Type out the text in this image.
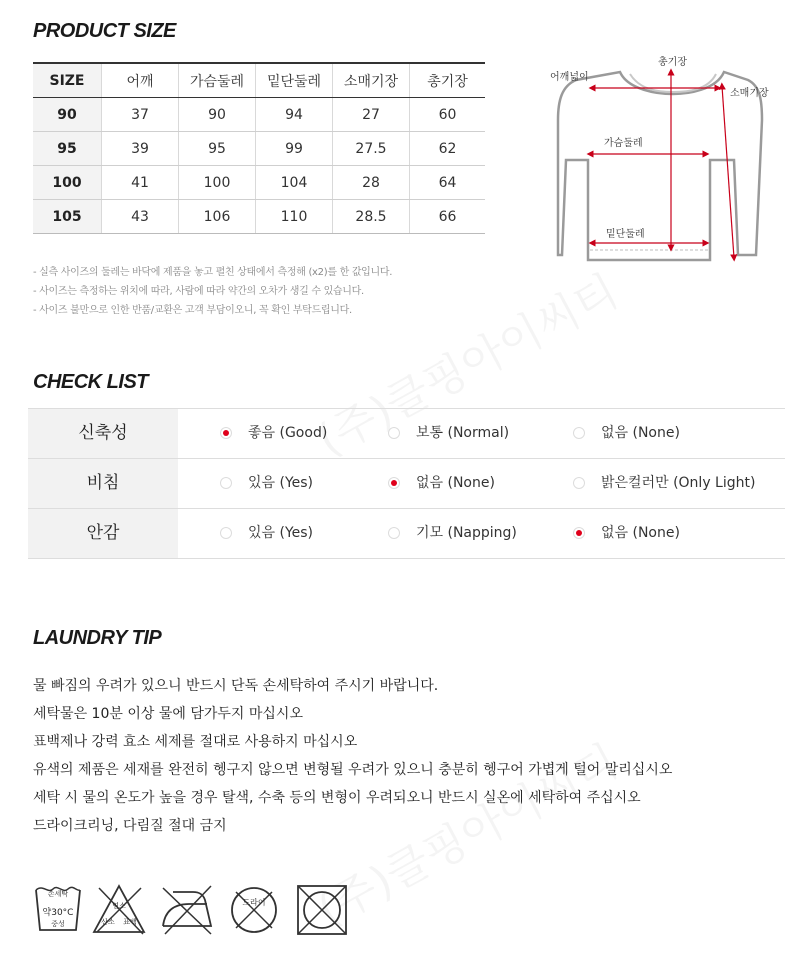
PRODUCT SIZE
SIZE	어깨	가슴둘레	밑단둘레	소매기장	총기장
90	37	90	94	27	60
95	39	95	99	27.5	62
100	41	100	104	28	64
105	43	106	110	28.5	66
- 실측 사이즈의 둘레는 바닥에 제품을 놓고 펼친 상태에서 측정해 (x2)를 한 값입니다.
- 사이즈는 측정하는 위치에 따라, 사람에 따라 약간의 오차가 생길 수 있습니다.
- 사이즈 불만으로 인한 반품/교환은 고객 부담이오니, 꼭 확인 부탁드립니다.
어깨넓이
총기장
소매기장
가슴둘레
밑단둘레
CHECK LIST
신축성	좋음 (Good)	보통 (Normal)	없음 (None)
비침	있음 (Yes)	없음 (None)	밝은컬러만 (Only Light)
안감	있음 (Yes)	기모 (Napping)	없음 (None)
LAUNDRY TIP
물 빠짐의 우려가 있으니 반드시 단독 손세탁하여 주시기 바랍니다.
세탁물은 10분 이상 물에 담가두지 마십시오
표백제나 강력 효소 세제를 절대로 사용하지 마십시오
유색의 제품은 세재를 완전히 헹구지 않으면 변형될 우려가 있으니 충분히 헹구어 가볍게 털어 말리십시오
세탁 시 물의 온도가 높을 경우 탈색, 수축 등의 변형이 우려되오니 반드시 실온에 세탁하여 주십시오
드라이크리닝, 다림질 절대 금지
손세탁
약30°C
중성
염소
산소 표백
드라이
